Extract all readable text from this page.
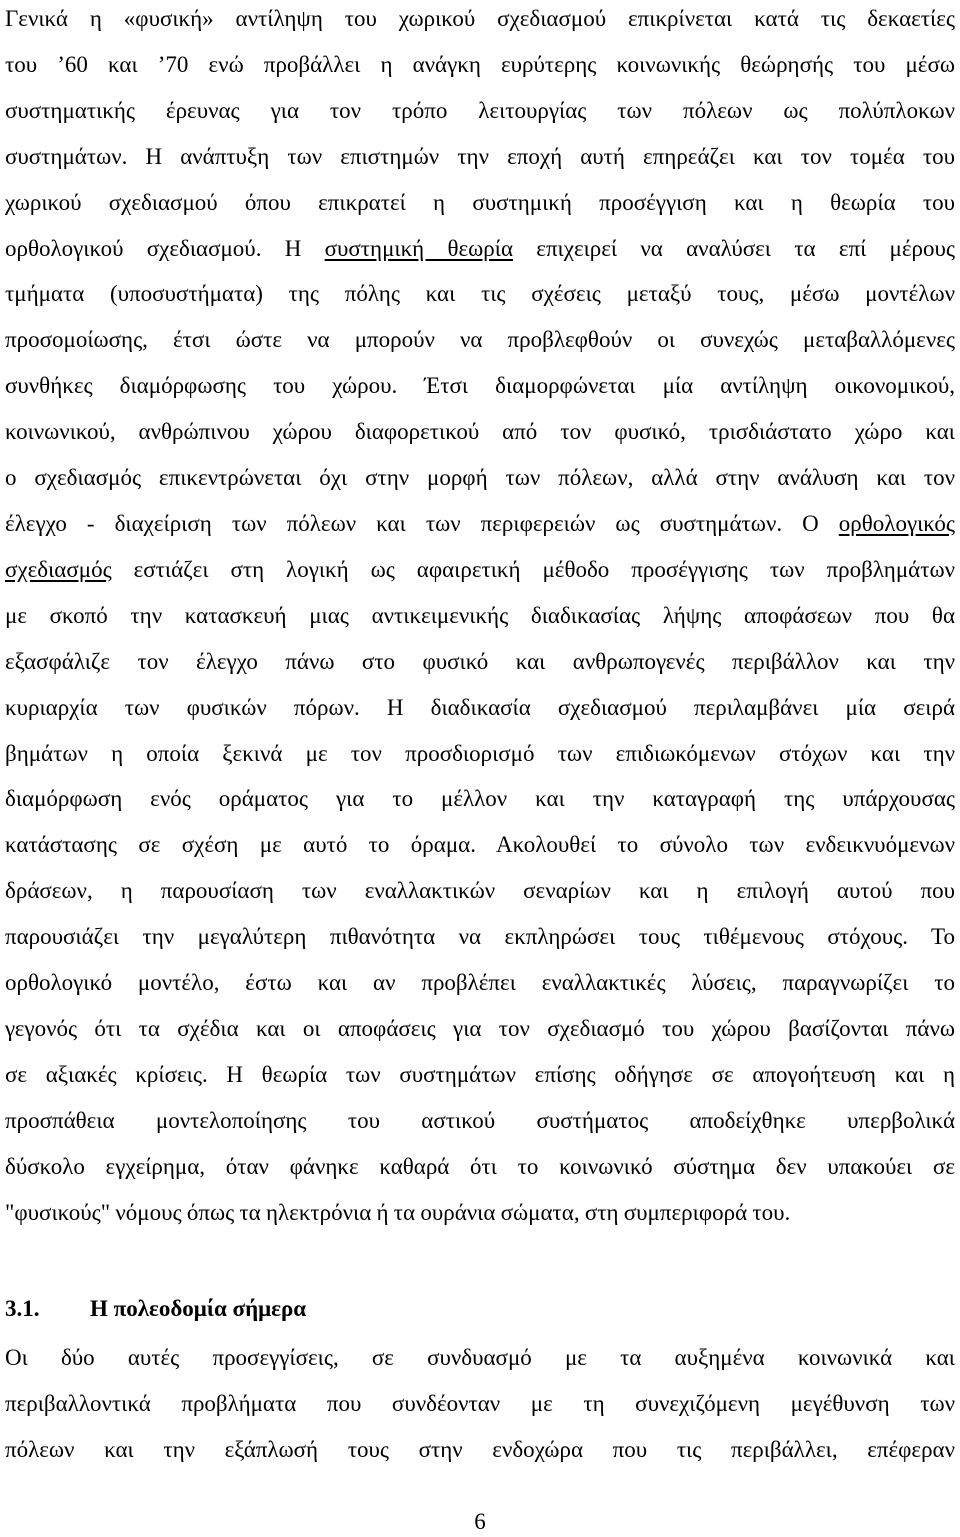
Γενικά η «φυσική» αντίληψη του χωρικού σχεδιασμού επικρίνεται κατά τις δεκαετίες
του ’60 και ’70 ενώ προβάλλει η ανάγκη ευρύτερης κοινωνικής θεώρησής του μέσω
συστηματικής έρευνας για τον τρόπο λειτουργίας των πόλεων ως πολύπλοκων
συστημάτων. Η ανάπτυξη των επιστημών την εποχή αυτή επηρεάζει και τον τομέα του
χωρικού σχεδιασμού όπου επικρατεί η συστημική προσέγγιση και η θεωρία του
ορθολογικού σχεδιασμού. Η συστημική θεωρία επιχειρεί να αναλύσει τα επί μέρους
τμήματα (υποσυστήματα) της πόλης και τις σχέσεις μεταξύ τους, μέσω μοντέλων
προσομοίωσης, έτσι ώστε να μπορούν να προβλεφθούν οι συνεχώς μεταβαλλόμενες
συνθήκες διαμόρφωσης του χώρου. Έτσι διαμορφώνεται μία αντίληψη οικονομικού,
κοινωνικού, ανθρώπινου χώρου διαφορετικού από τον φυσικό, τρισδιάστατο χώρο και
ο σχεδιασμός επικεντρώνεται όχι στην μορφή των πόλεων, αλλά στην ανάλυση και τον
έλεγχο - διαχείριση των πόλεων και των περιφερειών ως συστημάτων. Ο ορθολογικός
σχεδιασμός εστιάζει στη λογική ως αφαιρετική μέθοδο προσέγγισης των προβλημάτων
με σκοπό την κατασκευή μιας αντικειμενικής διαδικασίας λήψης αποφάσεων που θα
εξασφάλιζε τον έλεγχο πάνω στο φυσικό και ανθρωπογενές περιβάλλον και την
κυριαρχία των φυσικών πόρων. Η διαδικασία σχεδιασμού περιλαμβάνει μία σειρά
βημάτων η οποία ξεκινά με τον προσδιορισμό των επιδιωκόμενων στόχων και την
διαμόρφωση ενός οράματος για το μέλλον και την καταγραφή της υπάρχουσας
κατάστασης σε σχέση με αυτό το όραμα. Ακολουθεί το σύνολο των ενδεικνυόμενων
δράσεων, η παρουσίαση των εναλλακτικών σεναρίων και η επιλογή αυτού που
παρουσιάζει την μεγαλύτερη πιθανότητα να εκπληρώσει τους τιθέμενους στόχους. Το
ορθολογικό μοντέλο, έστω και αν προβλέπει εναλλακτικές λύσεις, παραγνωρίζει το
γεγονός ότι τα σχέδια και οι αποφάσεις για τον σχεδιασμό του χώρου βασίζονται πάνω
σε αξιακές κρίσεις. Η θεωρία των συστημάτων επίσης οδήγησε σε απογοήτευση και η
προσπάθεια μοντελοποίησης του αστικού συστήματος αποδείχθηκε υπερβολικά
δύσκολο εγχείρημα, όταν φάνηκε καθαρά ότι το κοινωνικό σύστημα δεν υπακούει σε
"φυσικούς" νόμους όπως τα ηλεκτρόνια ή τα ουράνια σώματα, στη συμπεριφορά του.
3.1.	Η πολεοδομία σήμερα
Οι δύο αυτές προσεγγίσεις, σε συνδυασμό με τα αυξημένα κοινωνικά και
περιβαλλοντικά προβλήματα που συνδέονταν με τη συνεχιζόμενη μεγέθυνση των
πόλεων και την εξάπλωσή τους στην ενδοχώρα που τις περιβάλλει, επέφεραν
6
